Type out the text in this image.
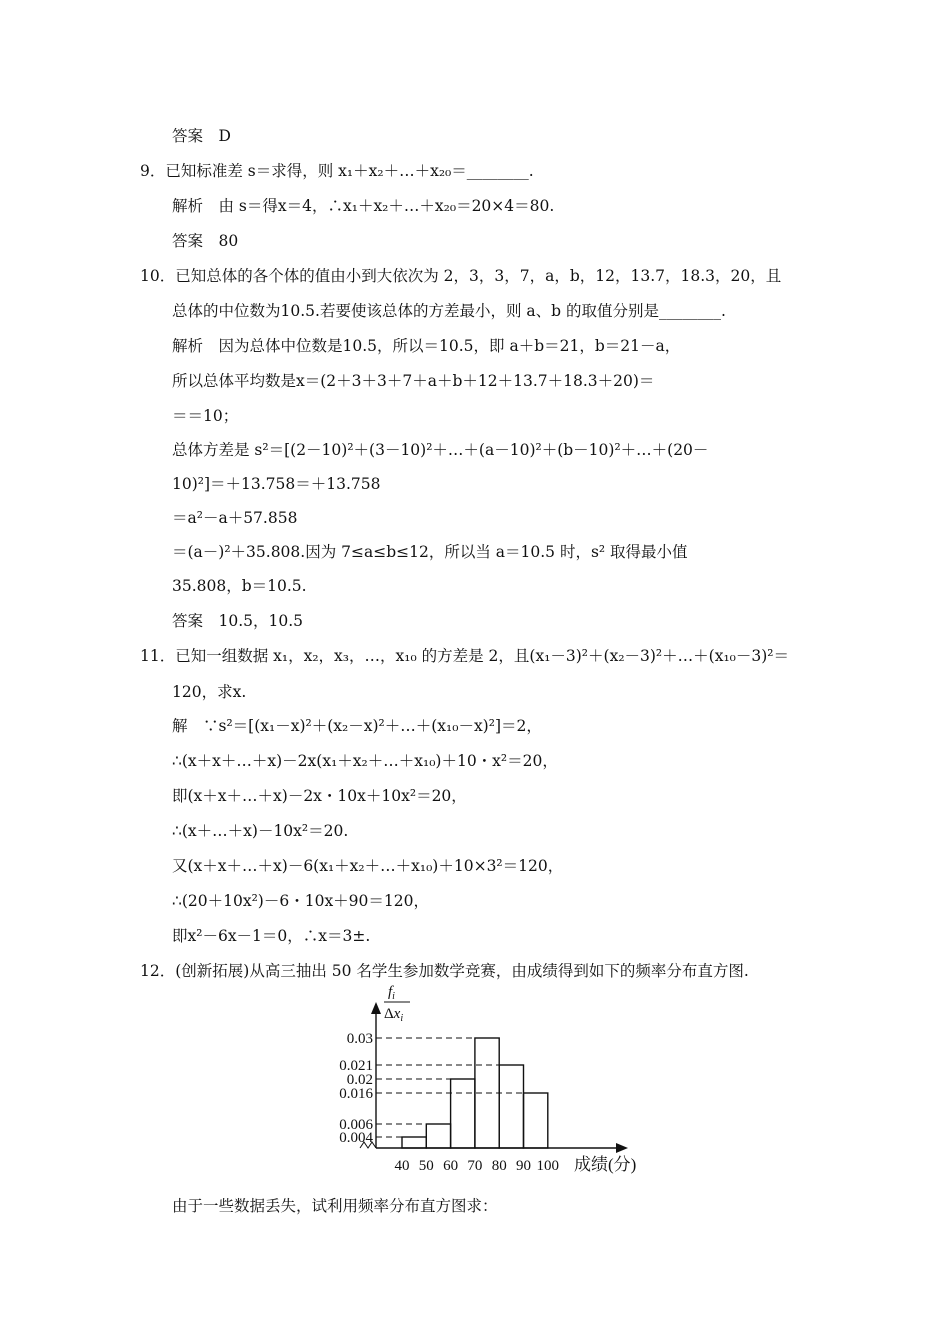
答案　D
9．已知标准差 s＝求得，则 x₁＋x₂＋…＋x₂₀＝________.
解析　由 s＝得x＝4，∴x₁＋x₂＋…＋x₂₀＝20×4＝80.
答案　80
10．已知总体的各个体的值由小到大依次为 2，3，3，7，a，b，12，13.7，18.3，20，且
总体的中位数为10.5.若要使该总体的方差最小，则 a、b 的取值分别是________.
解析　因为总体中位数是10.5，所以＝10.5，即 a＋b＝21，b＝21－a，
所以总体平均数是x＝(2＋3＋3＋7＋a＋b＋12＋13.7＋18.3＋20)＝
＝＝10；
总体方差是 s²＝[(2－10)²＋(3－10)²＋…＋(a－10)²＋(b－10)²＋…＋(20－
10)²]＝＋13.758＝＋13.758
＝a²－a＋57.858
＝(a－)²＋35.808.因为 7≤a≤b≤12，所以当 a＝10.5 时，s² 取得最小值
35.808，b＝10.5.
答案　10.5，10.5
11．已知一组数据 x₁，x₂，x₃，…，x₁₀ 的方差是 2，且(x₁－3)²＋(x₂－3)²＋…＋(x₁₀－3)²＝
120，求x.
解　∵s²＝[(x₁－x)²＋(x₂－x)²＋…＋(x₁₀－x)²]＝2，
∴(x＋x＋…＋x)－2x(x₁＋x₂＋…＋x₁₀)＋10・x²＝20，
即(x＋x＋…＋x)－2x・10x＋10x²＝20，
∴(x＋…＋x)－10x²＝20.
又(x＋x＋…＋x)－6(x₁＋x₂＋…＋x₁₀)＋10×3²＝120，
∴(20＋10x²)－6・10x＋90＝120，
即x²－6x－1＝0，∴x＝3±.
12．(创新拓展)从高三抽出 50 名学生参加数学竞赛，由成绩得到如下的频率分布直方图.
$f_i$
$\Delta x_i$
0.03
0.021
0.02
0.016
0.006
0.004
40 50 60 70 80 90 100 成绩(分)
由于一些数据丢失，试利用频率分布直方图求：
